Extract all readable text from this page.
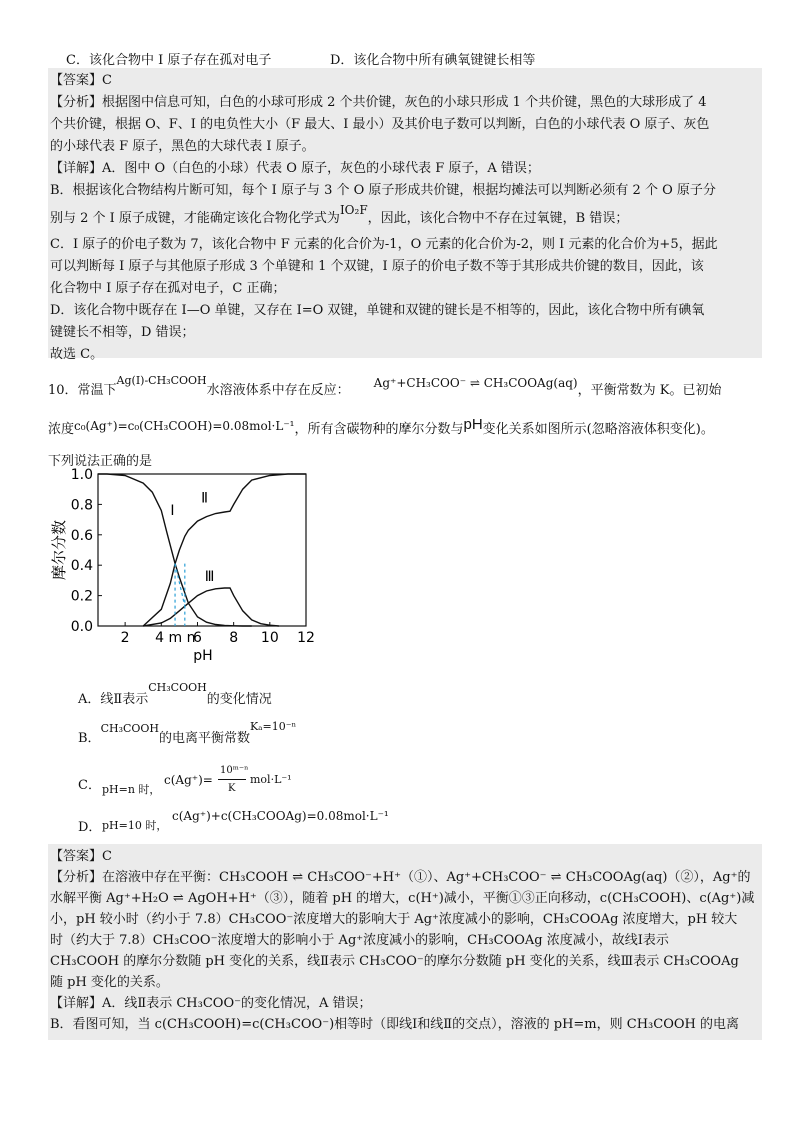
C．该化合物中 I 原子存在孤对电子	D．该化合物中所有碘氧键键长相等
【答案】C
【分析】根据图中信息可知，白色的小球可形成 2 个共价键，灰色的小球只形成 1 个共价键，黑色的大球形成了 4
个共价键，根据 O、F、I 的电负性大小（F 最大、I 最小）及其价电子数可以判断，白色的小球代表 O 原子、灰色
的小球代表 F 原子，黑色的大球代表 I 原子。
【详解】A．图中 O（白色的小球）代表 O 原子，灰色的小球代表 F 原子，A 错误；
B．根据该化合物结构片断可知，每个 I 原子与 3 个 O 原子形成共价键，根据均摊法可以判断必须有 2 个 O 原子分
别与 2 个 I 原子成键，才能确定该化合物化学式为IO₂F，因此，该化合物中不存在过氧键，B 错误；
C．I 原子的价电子数为 7，该化合物中 F 元素的化合价为-1，O 元素的化合价为-2，则 I 元素的化合价为+5，据此
可以判断每 I 原子与其他原子形成 3 个单键和 1 个双键，I 原子的价电子数不等于其形成共价键的数目，因此，该
化合物中 I 原子存在孤对电子，C 正确；
D．该化合物中既存在 I—O 单键，又存在 I=O 双键，单键和双键的键长是不相等的，因此，该化合物中所有碘氧
键键长不相等，D 错误；
故选 C。
10．常温下Ag(Ⅰ)-CH₃COOH水溶液体系中存在反应：Ag⁺+CH₃COO⁻ ⇌ CH₃COOAg(aq)，平衡常数为 K。已初始
浓度c₀(Ag⁺)=c₀(CH₃COOH)=0.08mol·L⁻¹，所有含碳物种的摩尔分数与pH变化关系如图所示(忽略溶液体积变化)。
下列说法正确的是
0.0
0.2
0.4
0.6
0.8
1.0
2	6 8 10 12
4 m n
pH
摩尔分数
Ⅰ
Ⅱ
Ⅲ
A．线Ⅱ表示CH₃COOH的变化情况
B．CH₃COOH的电离平衡常数Kₐ=10⁻ⁿ
C． pH=n 时，
c(Ag⁺)=
10ᵐ⁻ⁿ
K
mol·L⁻¹
D． pH=10 时，
c(Ag⁺)+c(CH₃COOAg)=0.08mol·L⁻¹
【答案】C
【分析】在溶液中存在平衡：CH₃COOH ⇌ CH₃COO⁻+H⁺（①）、Ag⁺+CH₃COO⁻ ⇌ CH₃COOAg(aq)（②），Ag⁺的
水解平衡 Ag⁺+H₂O ⇌ AgOH+H⁺（③），随着 pH 的增大，c(H⁺)减小，平衡①③正向移动，c(CH₃COOH)、c(Ag⁺)减
小，pH 较小时（约小于 7.8）CH₃COO⁻浓度增大的影响大于 Ag⁺浓度减小的影响，CH₃COOAg 浓度增大，pH 较大
时（约大于 7.8）CH₃COO⁻浓度增大的影响小于 Ag⁺浓度减小的影响，CH₃COOAg 浓度减小，故线Ⅰ表示
CH₃COOH 的摩尔分数随 pH 变化的关系，线Ⅱ表示 CH₃COO⁻的摩尔分数随 pH 变化的关系，线Ⅲ表示 CH₃COOAg
随 pH 变化的关系。
【详解】A．线Ⅱ表示 CH₃COO⁻的变化情况，A 错误；
B．看图可知，当 c(CH₃COOH)=c(CH₃COO⁻)相等时（即线Ⅰ和线Ⅱ的交点），溶液的 pH=m，则 CH₃COOH 的电离
